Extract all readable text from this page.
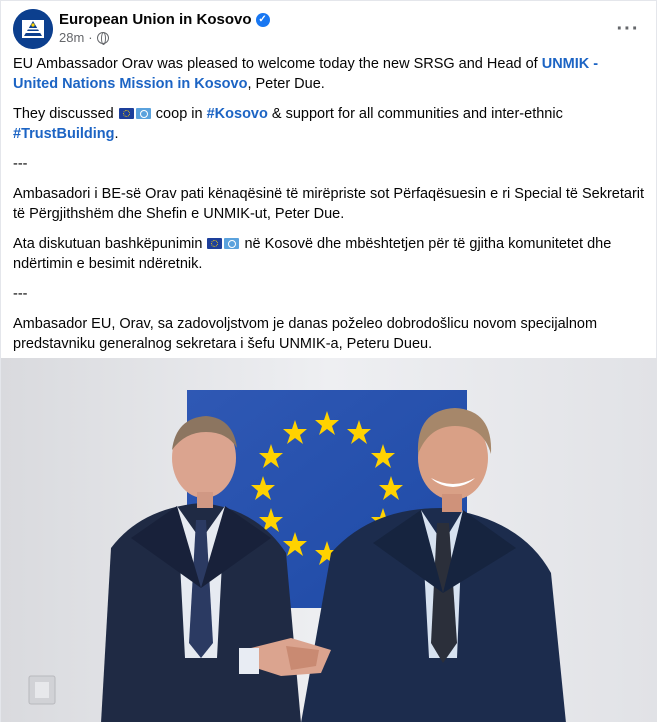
European Union in Kosovo ✓
28m ·	···

EU Ambassador Orav was pleased to welcome today the new SRSG and Head of UNMIK - United Nations Mission in Kosovo, Peter Due.

They discussed  coop in #Kosovo & support for all communities and inter-ethnic #TrustBuilding.

---

Ambasadori i BE-së Orav pati kënaqësinë të mirëpriste sot Përfaqësuesin e ri Special të Sekretarit të Përgjithshëm dhe Shefin e UNMIK-ut, Peter Due.

Ata diskutuan bashkëpunimin  në Kosovë dhe mbështetjen për të gjitha komunitetet dhe ndërtimin e besimit ndëretnik.

---

Ambasador EU, Orav, sa zadovoljstvom je danas poželeo dobrodošlicu novom specijalnom predstavniku generalnog sekretara i šefu UNMIK-a, Peteru Dueu.
